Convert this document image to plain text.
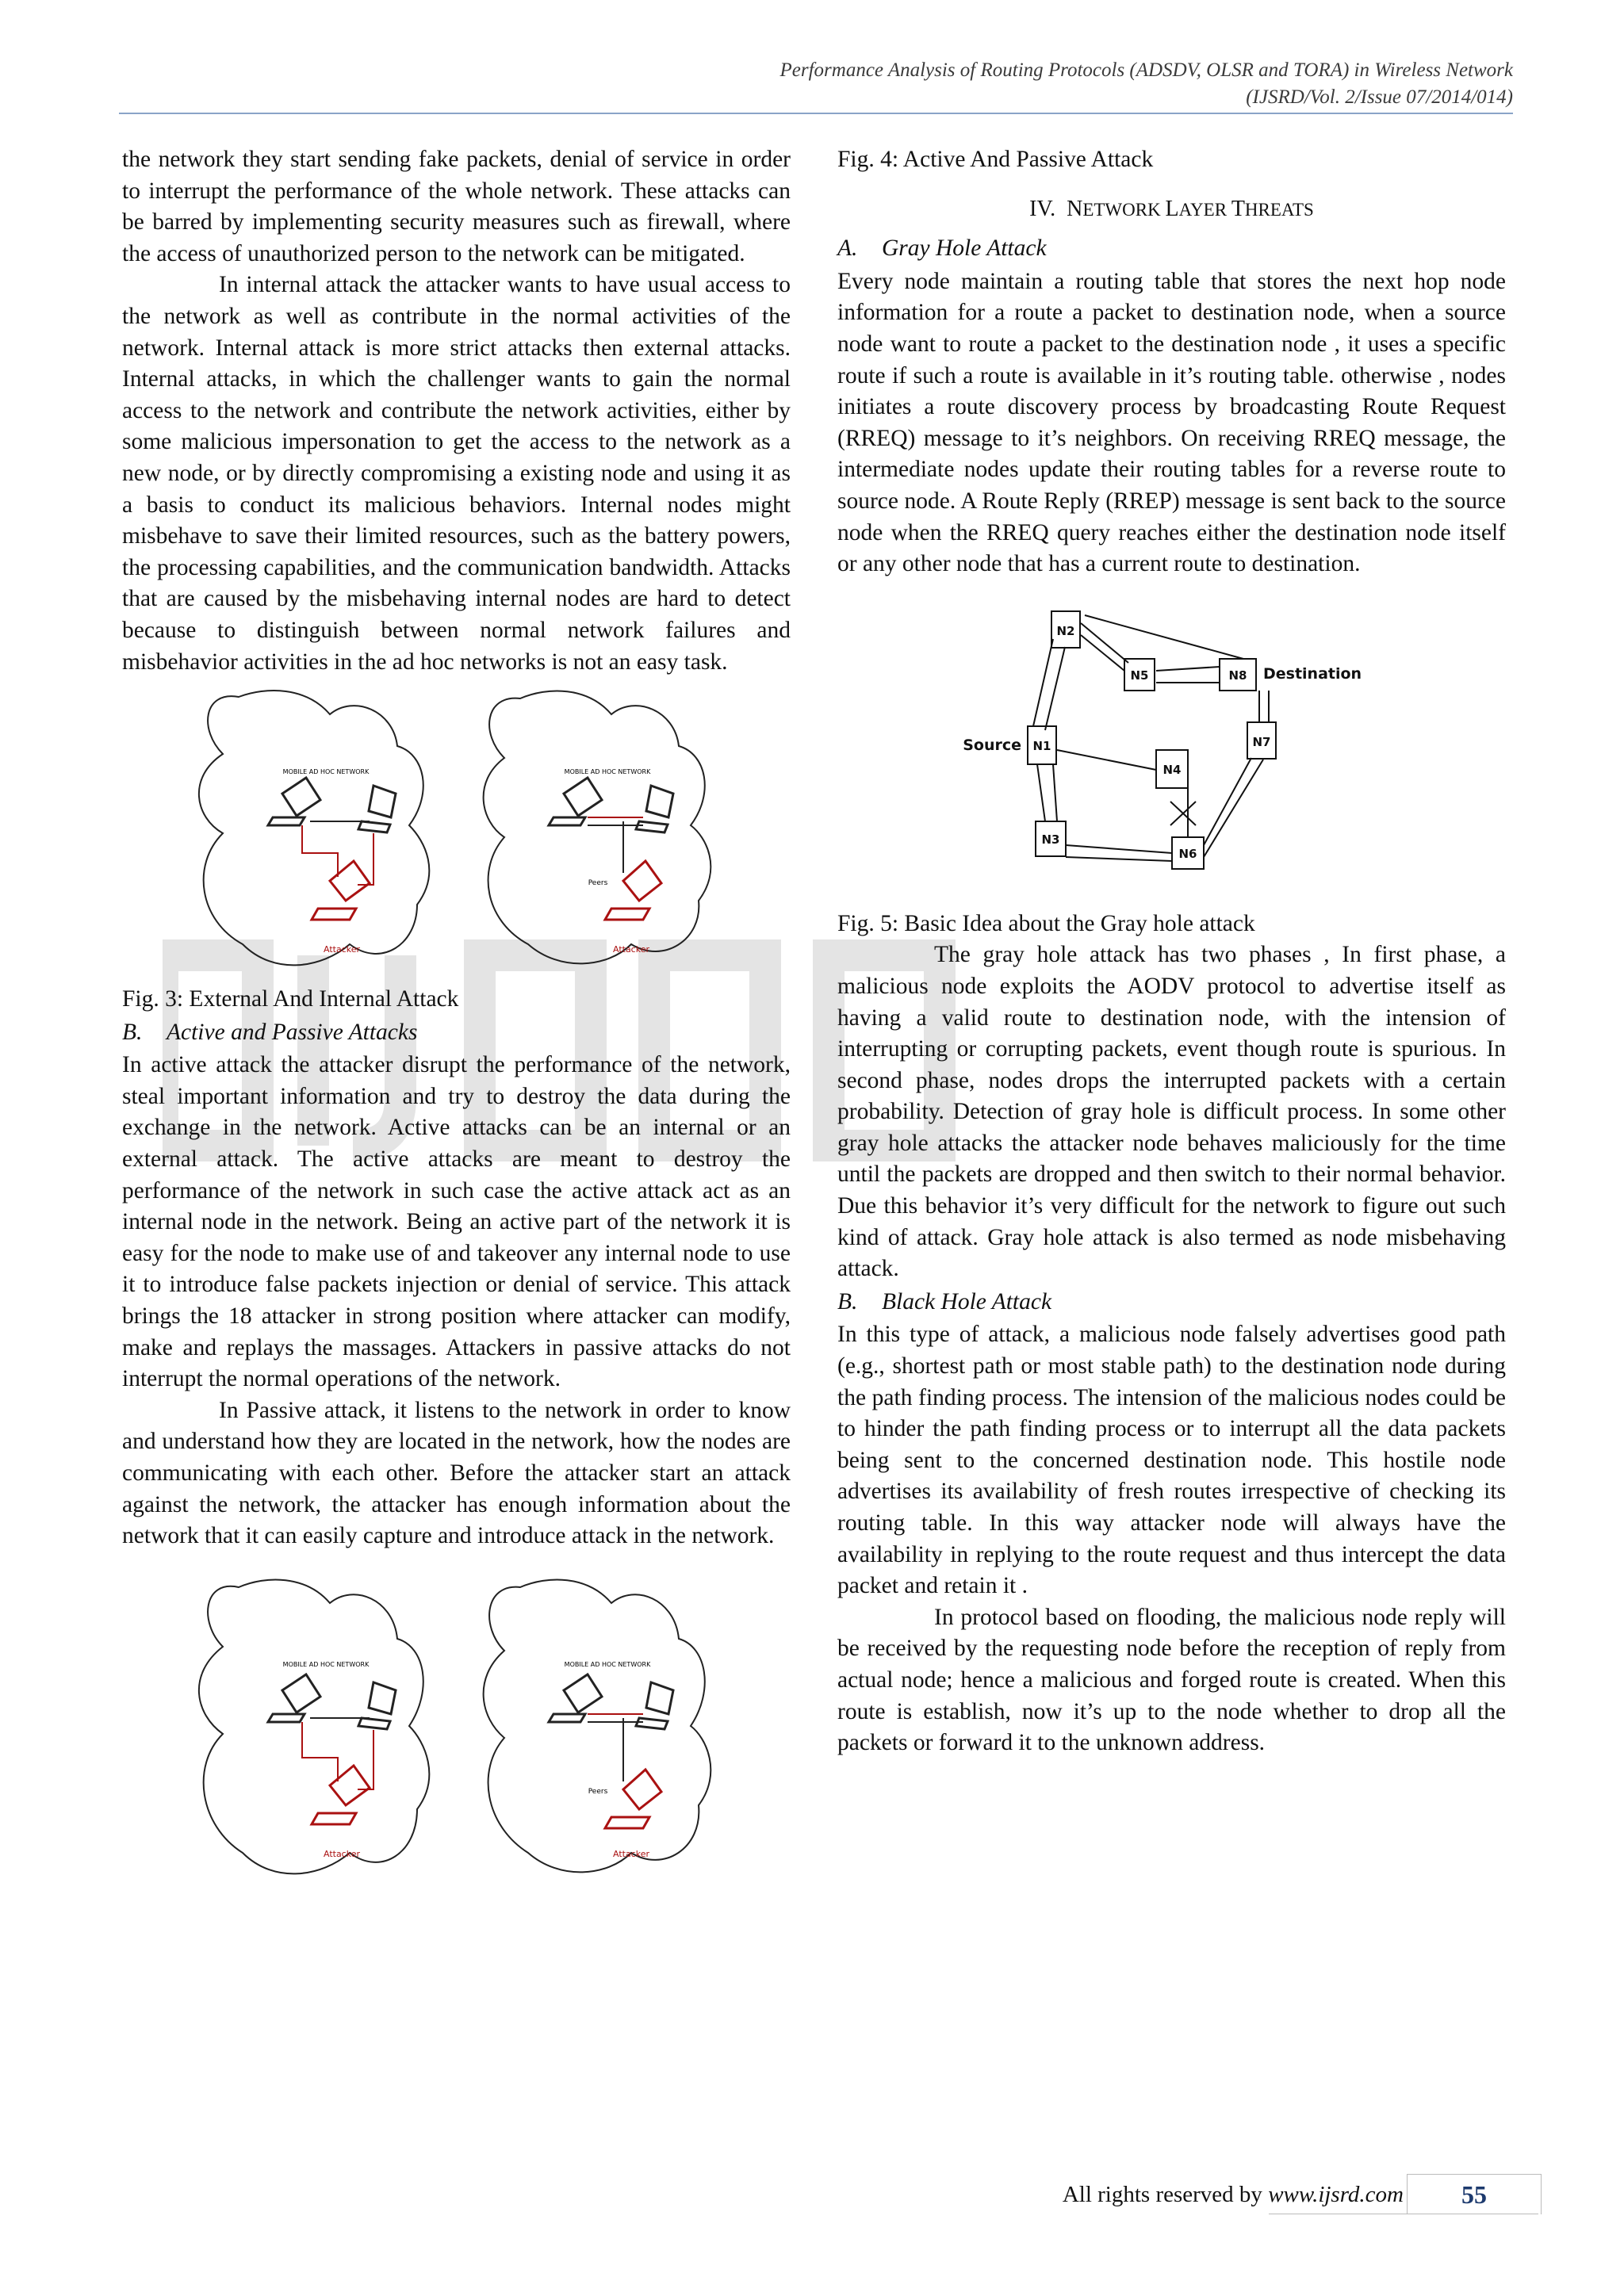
Performance Analysis of Routing Protocols (ADSDV, OLSR and TORA) in Wireless Network
(IJSRD/Vol. 2/Issue 07/2014/014)

the network they start sending fake packets, denial of service in order to interrupt the performance of the whole network. These attacks can be barred by implementing security measures such as firewall, where the access of unauthorized person to the network can be mitigated.

In internal attack the attacker wants to have usual access to the network as well as contribute in the normal activities of the network. Internal attack is more strict attacks then external attacks. Internal attacks, in which the challenger wants to gain the normal access to the network and contribute the network activities, either by some malicious impersonation to get the access to the network as a new node, or by directly compromising a existing node and using it as a basis to conduct its malicious behaviors. Internal nodes might misbehave to save their limited resources, such as the battery powers, the processing capabilities, and the communication bandwidth. Attacks that are caused by the misbehaving internal nodes are hard to detect because to distinguish between normal network failures and misbehavior activities in the ad hoc networks is not an easy task.

MOBILE AD HOC NETWORK	MOBILE AD HOC NETWORK
Attacker
Peers
Attacker

Fig. 3: External And Internal Attack

B. Active and Passive Attacks

In active attack the attacker disrupt the performance of the network, steal important information and try to destroy the data during the exchange in the network. Active attacks can be an internal or an external attack. The active attacks are meant to destroy the performance of the network in such case the active attack act as an internal node in the network. Being an active part of the network it is easy for the node to make use of and takeover any internal node to use it to introduce false packets injection or denial of service. This attack brings the 18 attacker in strong position where attacker can modify, make and replays the massages. Attackers in passive attacks do not interrupt the normal operations of the network.

In Passive attack, it listens to the network in order to know and understand how they are located in the network, how the nodes are communicating with each other. Before the attacker start an attack against the network, the attacker has enough information about the network that it can easily capture and introduce attack in the network.

MOBILE AD HOC NETWORK	MOBILE AD HOC NETWORK
Attacker
Peers
Attacker

Fig. 4: Active And Passive Attack

IV. NETWORK LAYER THREATS
A. Gray Hole Attack

Every node maintain a routing table that stores the next hop node information for a route a packet to destination node, when a source node want to route a packet to the destination node , it uses a specific route if such a route is available in it’s routing table. otherwise , nodes initiates a route discovery process by broadcasting Route Request (RREQ) message to it’s neighbors. On receiving RREQ message, the intermediate nodes update their routing tables for a reverse route to source node. A Route Reply (RREP) message is sent back to the source node when the RREQ query reaches either the destination node itself or any other node that has a current route to destination.

N2
N5	N8
N1
N4
N7
N3
N6
Source
Destination

Fig. 5: Basic Idea about the Gray hole attack

The gray hole attack has two phases , In first phase, a malicious node exploits the AODV protocol to advertise itself as having a valid route to destination node, with the intension of interrupting or corrupting packets, event though route is spurious. In second phase, nodes drops the interrupted packets with a certain probability. Detection of gray hole is difficult process. In some other gray hole attacks the attacker node behaves maliciously for the time until the packets are dropped and then switch to their normal behavior. Due this behavior it’s very difficult for the network to figure out such kind of attack. Gray hole attack is also termed as node misbehaving attack.

B. Black Hole Attack

In this type of attack, a malicious node falsely advertises good path (e.g., shortest path or most stable path) to the destination node during the path finding process. The intension of the malicious nodes could be to hinder the path finding process or to interrupt all the data packets being sent to the concerned destination node. This hostile node advertises its availability of fresh routes irrespective of checking its routing table. In this way attacker node will always have the availability in replying to the route request and thus intercept the data packet and retain it .

In protocol based on flooding, the malicious node reply will be received by the requesting node before the reception of reply from actual node; hence a malicious and forged route is created. When this route is establish, now it’s up to the node whether to drop all the packets or forward it to the unknown address.

All rights reserved by www.ijsrd.com	55
